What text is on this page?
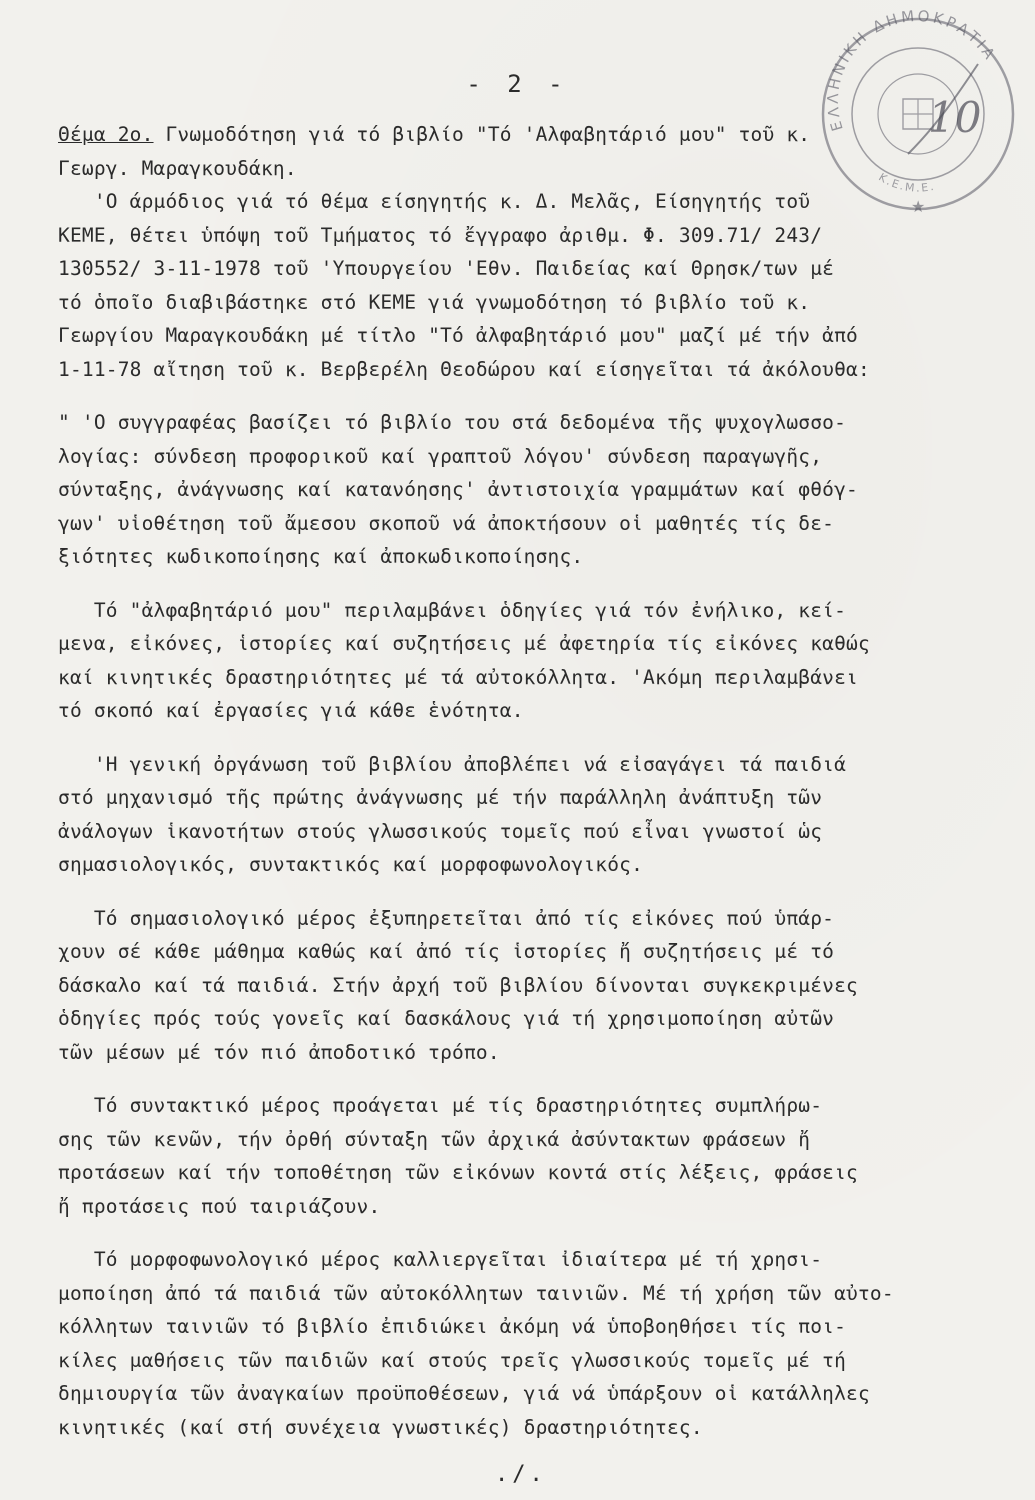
ΕΛΛΗΝΙΚΗ ΔΗΜΟΚΡΑΤΙΑ
Κ.Ε.Μ.Ε.
10
★
- 2 -
Θέμα 2ο. Γνωμοδότηση γιά τό βιβλίο "Τό 'Αλφαβητάριό μου" τοῦ κ.
Γεωργ. Μαραγκουδάκη.
'Ο άρμόδιος γιά τό θέμα είσηγητής κ. Δ. Μελᾶς, Είσηγητής τοῦ
ΚΕΜΕ, θέτει ὑπόψη τοῦ Τμήματος τό ἔγγραφο ἀριθμ. Φ. 309.71/ 243/
130552/ 3-11-1978 τοῦ 'Υπουργείου 'Εθν. Παιδείας καί Θρησκ/των μέ
τό ὁποῖο διαβιβάστηκε στό ΚΕΜΕ γιά γνωμοδότηση τό βιβλίο τοῦ κ.
Γεωργίου Μαραγκουδάκη μέ τίτλο "Τό ἀλφαβητάριό μου" μαζί μέ τήν ἀπό
1-11-78 αἴτηση τοῦ κ. Βερβερέλη Θεοδώρου καί είσηγεῖται τά ἀκόλουθα:
" 'Ο συγγραφέας βασίζει τό βιβλίο του στά δεδομένα τῆς ψυχογλωσσο-
λογίας: σύνδεση προφορικοῦ καί γραπτοῦ λόγου' σύνδεση παραγωγῆς,
σύνταξης, ἀνάγνωσης καί κατανόησης' ἀντιστοιχία γραμμάτων καί φθόγ-
γων' υἱοθέτηση τοῦ ἄμεσου σκοποῦ νά ἀποκτήσουν οἱ μαθητές τίς δε-
ξιότητες κωδικοποίησης καί ἀποκωδικοποίησης.
Τό "ἀλφαβητάριό μου" περιλαμβάνει ὁδηγίες γιά τόν ἐνήλικο, κεί-
μενα, εἰκόνες, ἱστορίες καί συζητήσεις μέ ἀφετηρία τίς εἰκόνες καθώς
καί κινητικές δραστηριότητες μέ τά αὐτοκόλλητα. 'Ακόμη περιλαμβάνει
τό σκοπό καί ἐργασίες γιά κάθε ἑνότητα.
'Η γενική ὀργάνωση τοῦ βιβλίου ἀποβλέπει νά εἰσαγάγει τά παιδιά
στό μηχανισμό τῆς πρώτης ἀνάγνωσης μέ τήν παράλληλη ἀνάπτυξη τῶν
ἀνάλογων ἱκανοτήτων στούς γλωσσικούς τομεῖς πού εἶναι γνωστοί ὡς
σημασιολογικός, συντακτικός καί μορφοφωνολογικός.
Τό σημασιολογικό μέρος ἐξυπηρετεῖται ἀπό τίς εἰκόνες πού ὑπάρ-
χουν σέ κάθε μάθημα καθώς καί ἀπό τίς ἱστορίες ἤ συζητήσεις μέ τό
δάσκαλο καί τά παιδιά. Στήν ἀρχή τοῦ βιβλίου δίνονται συγκεκριμένες
ὁδηγίες πρός τούς γονεῖς καί δασκάλους γιά τή χρησιμοποίηση αὐτῶν
τῶν μέσων μέ τόν πιό ἀποδοτικό τρόπο.
Τό συντακτικό μέρος προάγεται μέ τίς δραστηριότητες συμπλήρω-
σης τῶν κενῶν, τήν ὀρθή σύνταξη τῶν ἀρχικά ἀσύντακτων φράσεων ἤ
προτάσεων καί τήν τοποθέτηση τῶν εἰκόνων κοντά στίς λέξεις, φράσεις
ἤ προτάσεις πού ταιριάζουν.
Τό μορφοφωνολογικό μέρος καλλιεργεῖται ἰδιαίτερα μέ τή χρησι-
μοποίηση ἀπό τά παιδιά τῶν αὐτοκόλλητων ταινιῶν. Μέ τή χρήση τῶν αὐτο-
κόλλητων ταινιῶν τό βιβλίο ἐπιδιώκει ἀκόμη νά ὑποβοηθήσει τίς ποι-
κίλες μαθήσεις τῶν παιδιῶν καί στούς τρεῖς γλωσσικούς τομεῖς μέ τή
δημιουργία τῶν ἀναγκαίων προϋποθέσεων, γιά νά ὑπάρξουν οἱ κατάλληλες
κινητικές (καί στή συνέχεια γνωστικές) δραστηριότητες.
./.
